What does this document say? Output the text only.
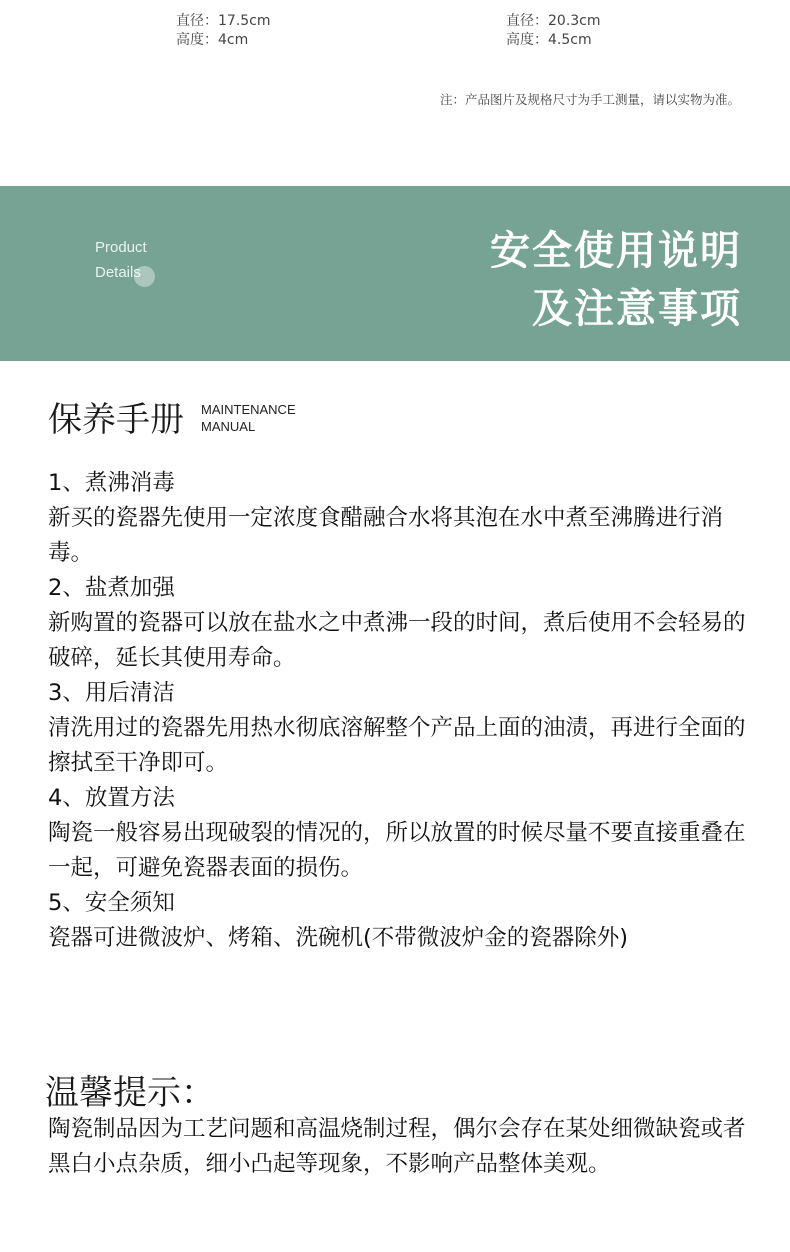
直径：17.5cm
高度：4cm
直径：20.3cm
高度：4.5cm
注：产品图片及规格尺寸为手工测量，请以实物为准。
Product
Details	安全使用说明
及注意事项
保养手册 MAINTENANCE
MANUAL

1、煮沸消毒

新买的瓷器先使用一定浓度食醋融合水将其泡在水中煮至沸腾进行消毒。

2、盐煮加强

新购置的瓷器可以放在盐水之中煮沸一段的时间，煮后使用不会轻易的破碎，延长其使用寿命。

3、用后清洁

清洗用过的瓷器先用热水彻底溶解整个产品上面的油渍，再进行全面的擦拭至干净即可。

4、放置方法

陶瓷一般容易出现破裂的情况的，所以放置的时候尽量不要直接重叠在一起，可避免瓷器表面的损伤。

5、安全须知

瓷器可进微波炉、烤箱、洗碗机(不带微波炉金的瓷器除外)

温馨提示：
陶瓷制品因为工艺问题和高温烧制过程，偶尔会存在某处细微缺瓷或者黑白小点杂质，细小凸起等现象，不影响产品整体美观。
